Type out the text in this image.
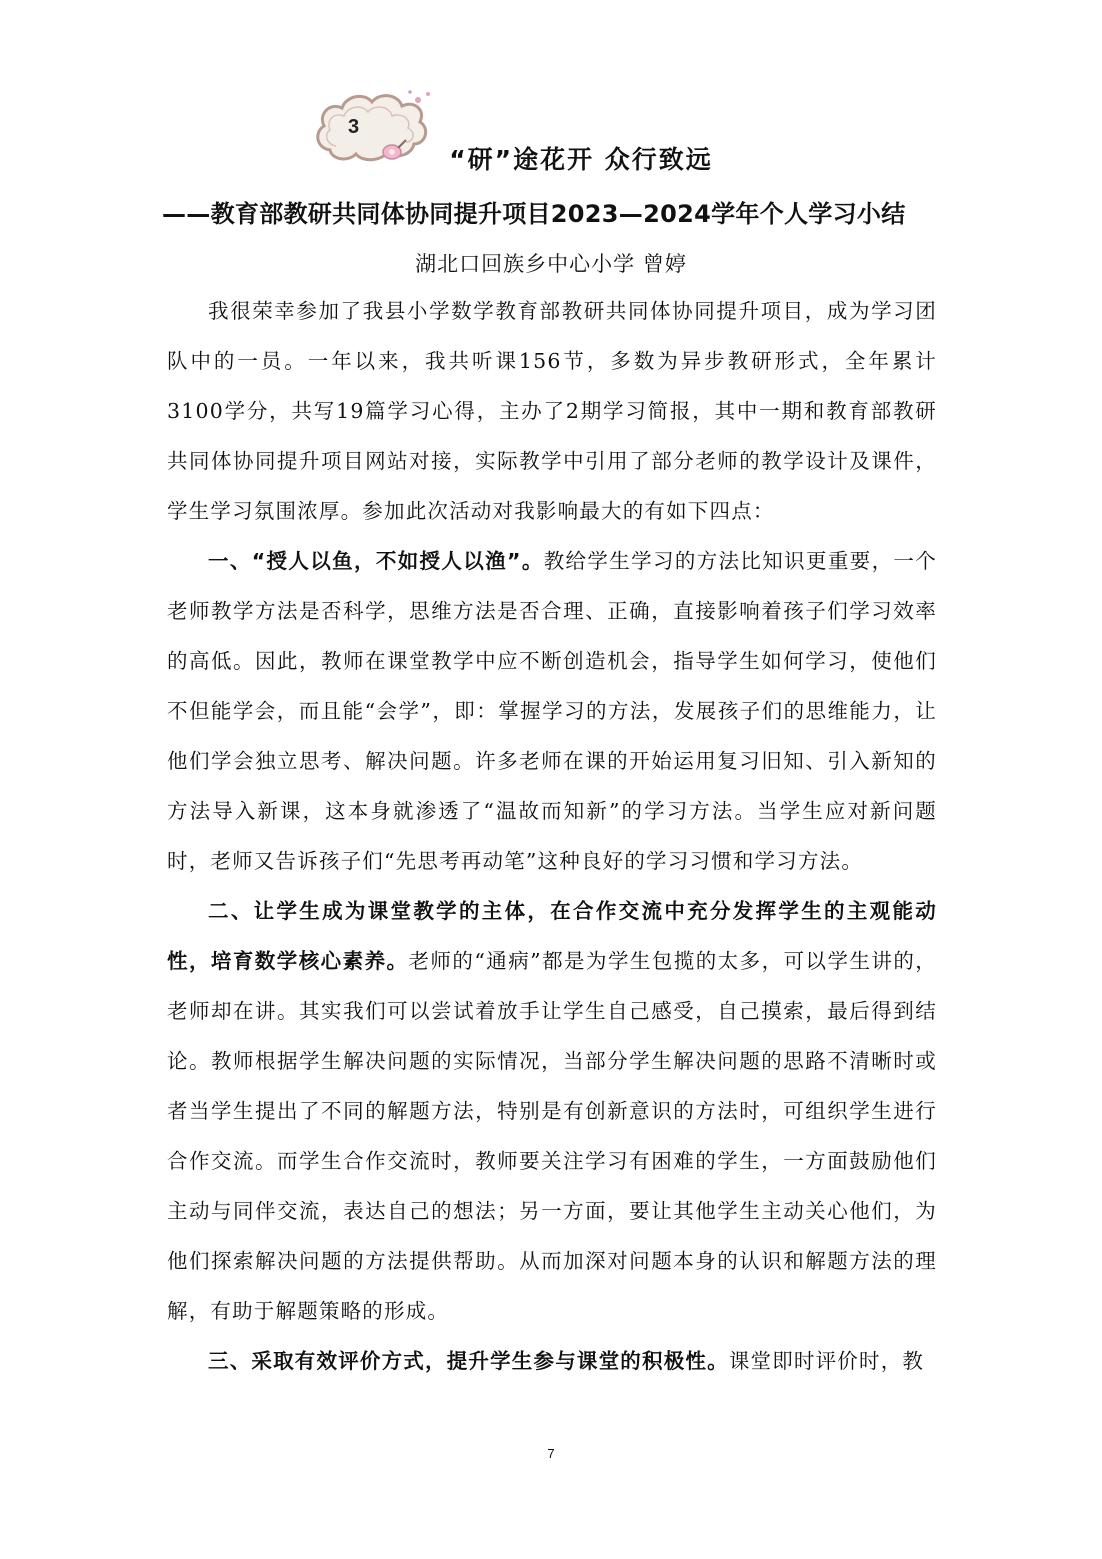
3
“研”途花开 众行致远
——教育部教研共同体协同提升项目2023—2024学年个人学习小结
湖北口回族乡中心小学 曾婷

我很荣幸参加了我县小学数学教育部教研共同体协同提升项目，成为学习团队中的一员。一年以来，我共听课156节，多数为异步教研形式，全年累计3100学分，共写19篇学习心得，主办了2期学习简报，其中一期和教育部教研共同体协同提升项目网站对接，实际教学中引用了部分老师的教学设计及课件，学生学习氛围浓厚。参加此次活动对我影响最大的有如下四点：

一、“授人以鱼，不如授人以渔”。教给学生学习的方法比知识更重要，一个老师教学方法是否科学，思维方法是否合理、正确，直接影响着孩子们学习效率的高低。因此，教师在课堂教学中应不断创造机会，指导学生如何学习，使他们不但能学会，而且能“会学”，即：掌握学习的方法，发展孩子们的思维能力，让他们学会独立思考、解决问题。许多老师在课的开始运用复习旧知、引入新知的方法导入新课，这本身就渗透了“温故而知新”的学习方法。当学生应对新问题时，老师又告诉孩子们“先思考再动笔”这种良好的学习习惯和学习方法。

二、让学生成为课堂教学的主体，在合作交流中充分发挥学生的主观能动性，培育数学核心素养。老师的“通病”都是为学生包揽的太多，可以学生讲的，老师却在讲。其实我们可以尝试着放手让学生自己感受，自己摸索，最后得到结论。教师根据学生解决问题的实际情况，当部分学生解决问题的思路不清晰时或者当学生提出了不同的解题方法，特别是有创新意识的方法时，可组织学生进行合作交流。而学生合作交流时，教师要关注学习有困难的学生，一方面鼓励他们主动与同伴交流，表达自己的想法；另一方面，要让其他学生主动关心他们，为他们探索解决问题的方法提供帮助。从而加深对问题本身的认识和解题方法的理解，有助于解题策略的形成。

三、采取有效评价方式，提升学生参与课堂的积极性。课堂即时评价时，教

7
